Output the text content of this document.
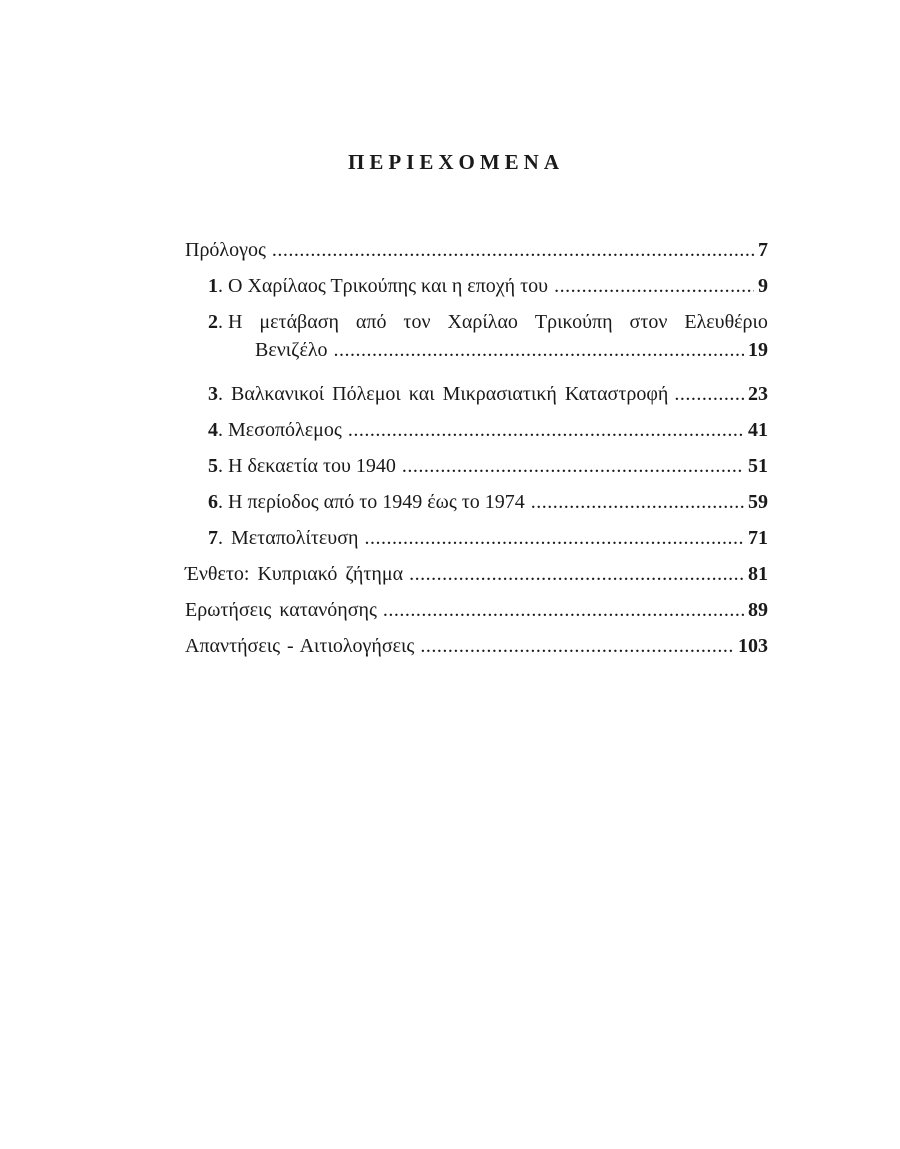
ΠΕΡΙΕΧΟΜΕΝΑ
Πρόλογος .....	7
1. Ο Χαρίλαος Τρικούπης και η εποχή του .....	9
2. Η μετάβαση από τον Χαρίλαο Τρικούπη στον Ελευθέριο
Βενιζέλο .....	19
3. Βαλκανικοί Πόλεμοι και Μικρασιατική Καταστροφή .....	23
4. Μεσοπόλεμος .....	41
5. Η δεκαετία του 1940 .....	51
6. Η περίοδος από το 1949 έως το 1974 .....	59
7. Μεταπολίτευση .....	71
Ένθετο: Κυπριακό ζήτημα .....	81
Ερωτήσεις κατανόησης .....	89
Απαντήσεις - Αιτιολογήσεις .....	103
